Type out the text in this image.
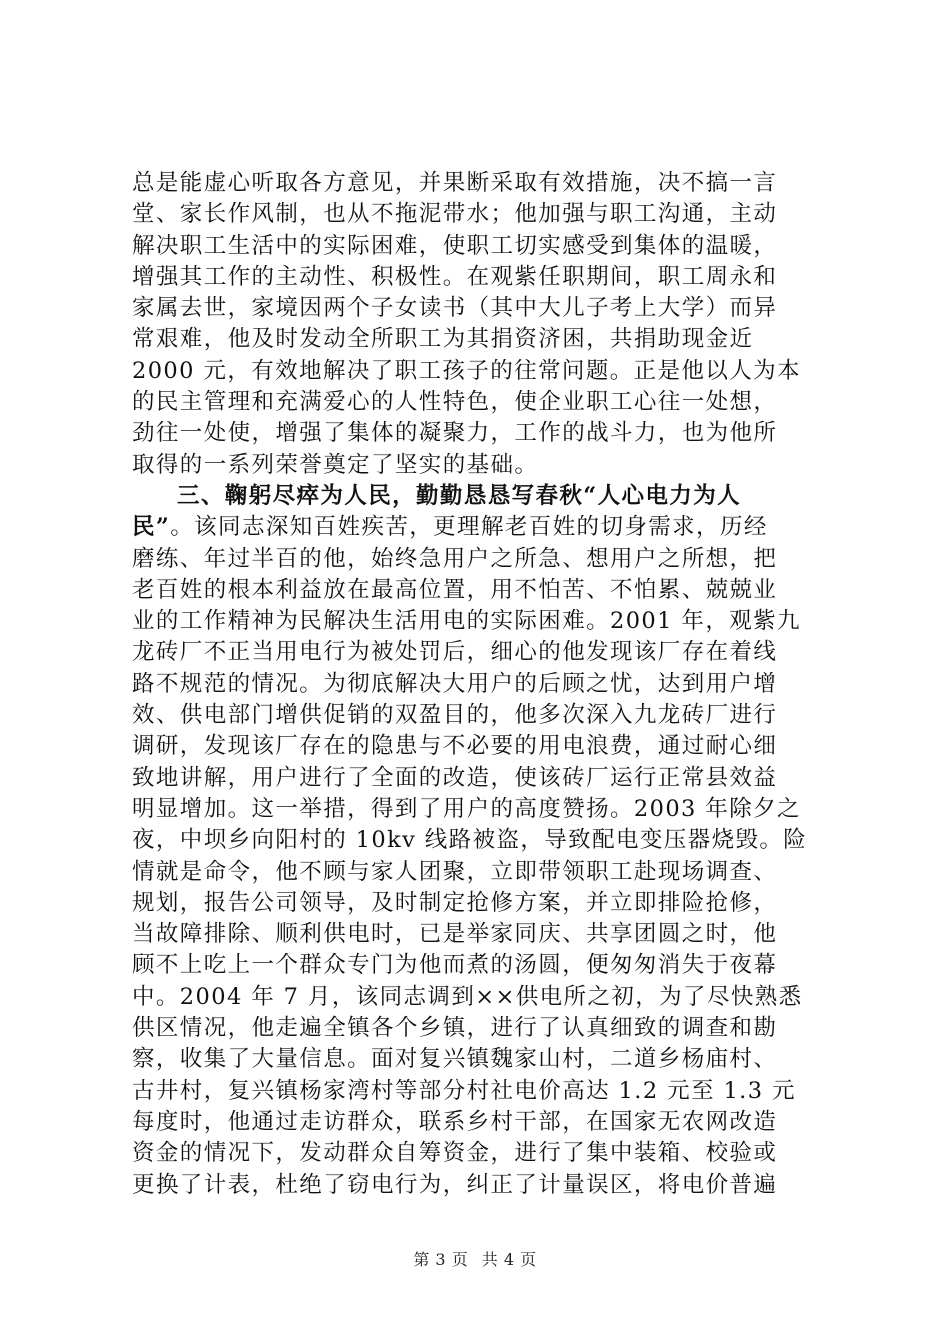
总是能虚心听取各方意见，并果断采取有效措施，决不搞一言
堂、家长作风制，也从不拖泥带水；他加强与职工沟通，主动
解决职工生活中的实际困难，使职工切实感受到集体的温暖，
增强其工作的主动性、积极性。在观紫任职期间，职工周永和
家属去世，家境因两个子女读书（其中大儿子考上大学）而异
常艰难，他及时发动全所职工为其捐资济困，共捐助现金近
2000 元，有效地解决了职工孩子的往常问题。正是他以人为本
的民主管理和充满爱心的人性特色，使企业职工心往一处想，
劲往一处使，增强了集体的凝聚力，工作的战斗力，也为他所
取得的一系列荣誉奠定了坚实的基础。
三、鞠躬尽瘁为人民，勤勤恳恳写春秋“人心电力为人
民”。该同志深知百姓疾苦，更理解老百姓的切身需求，历经
磨练、年过半百的他，始终急用户之所急、想用户之所想，把
老百姓的根本利益放在最高位置，用不怕苦、不怕累、兢兢业
业的工作精神为民解决生活用电的实际困难。2001 年，观紫九
龙砖厂不正当用电行为被处罚后，细心的他发现该厂存在着线
路不规范的情况。为彻底解决大用户的后顾之忧，达到用户增
效、供电部门增供促销的双盈目的，他多次深入九龙砖厂进行
调研，发现该厂存在的隐患与不必要的用电浪费，通过耐心细
致地讲解，用户进行了全面的改造，使该砖厂运行正常县效益
明显增加。这一举措，得到了用户的高度赞扬。2003 年除夕之
夜，中坝乡向阳村的 10kv 线路被盗，导致配电变压器烧毁。险
情就是命令，他不顾与家人团聚，立即带领职工赴现场调查、
规划，报告公司领导，及时制定抢修方案，并立即排险抢修，
当故障排除、顺利供电时，已是举家同庆、共享团圆之时，他
顾不上吃上一个群众专门为他而煮的汤圆，便匆匆消失于夜幕
中。2004 年 7 月，该同志调到××供电所之初，为了尽快熟悉
供区情况，他走遍全镇各个乡镇，进行了认真细致的调查和勘
察，收集了大量信息。面对复兴镇魏家山村，二道乡杨庙村、
古井村，复兴镇杨家湾村等部分村社电价高达 1.2 元至 1.3 元
每度时，他通过走访群众，联系乡村干部，在国家无农网改造
资金的情况下，发动群众自筹资金，进行了集中装箱、校验或
更换了计表，杜绝了窃电行为，纠正了计量误区，将电价普遍
第 3 页 共 4 页
